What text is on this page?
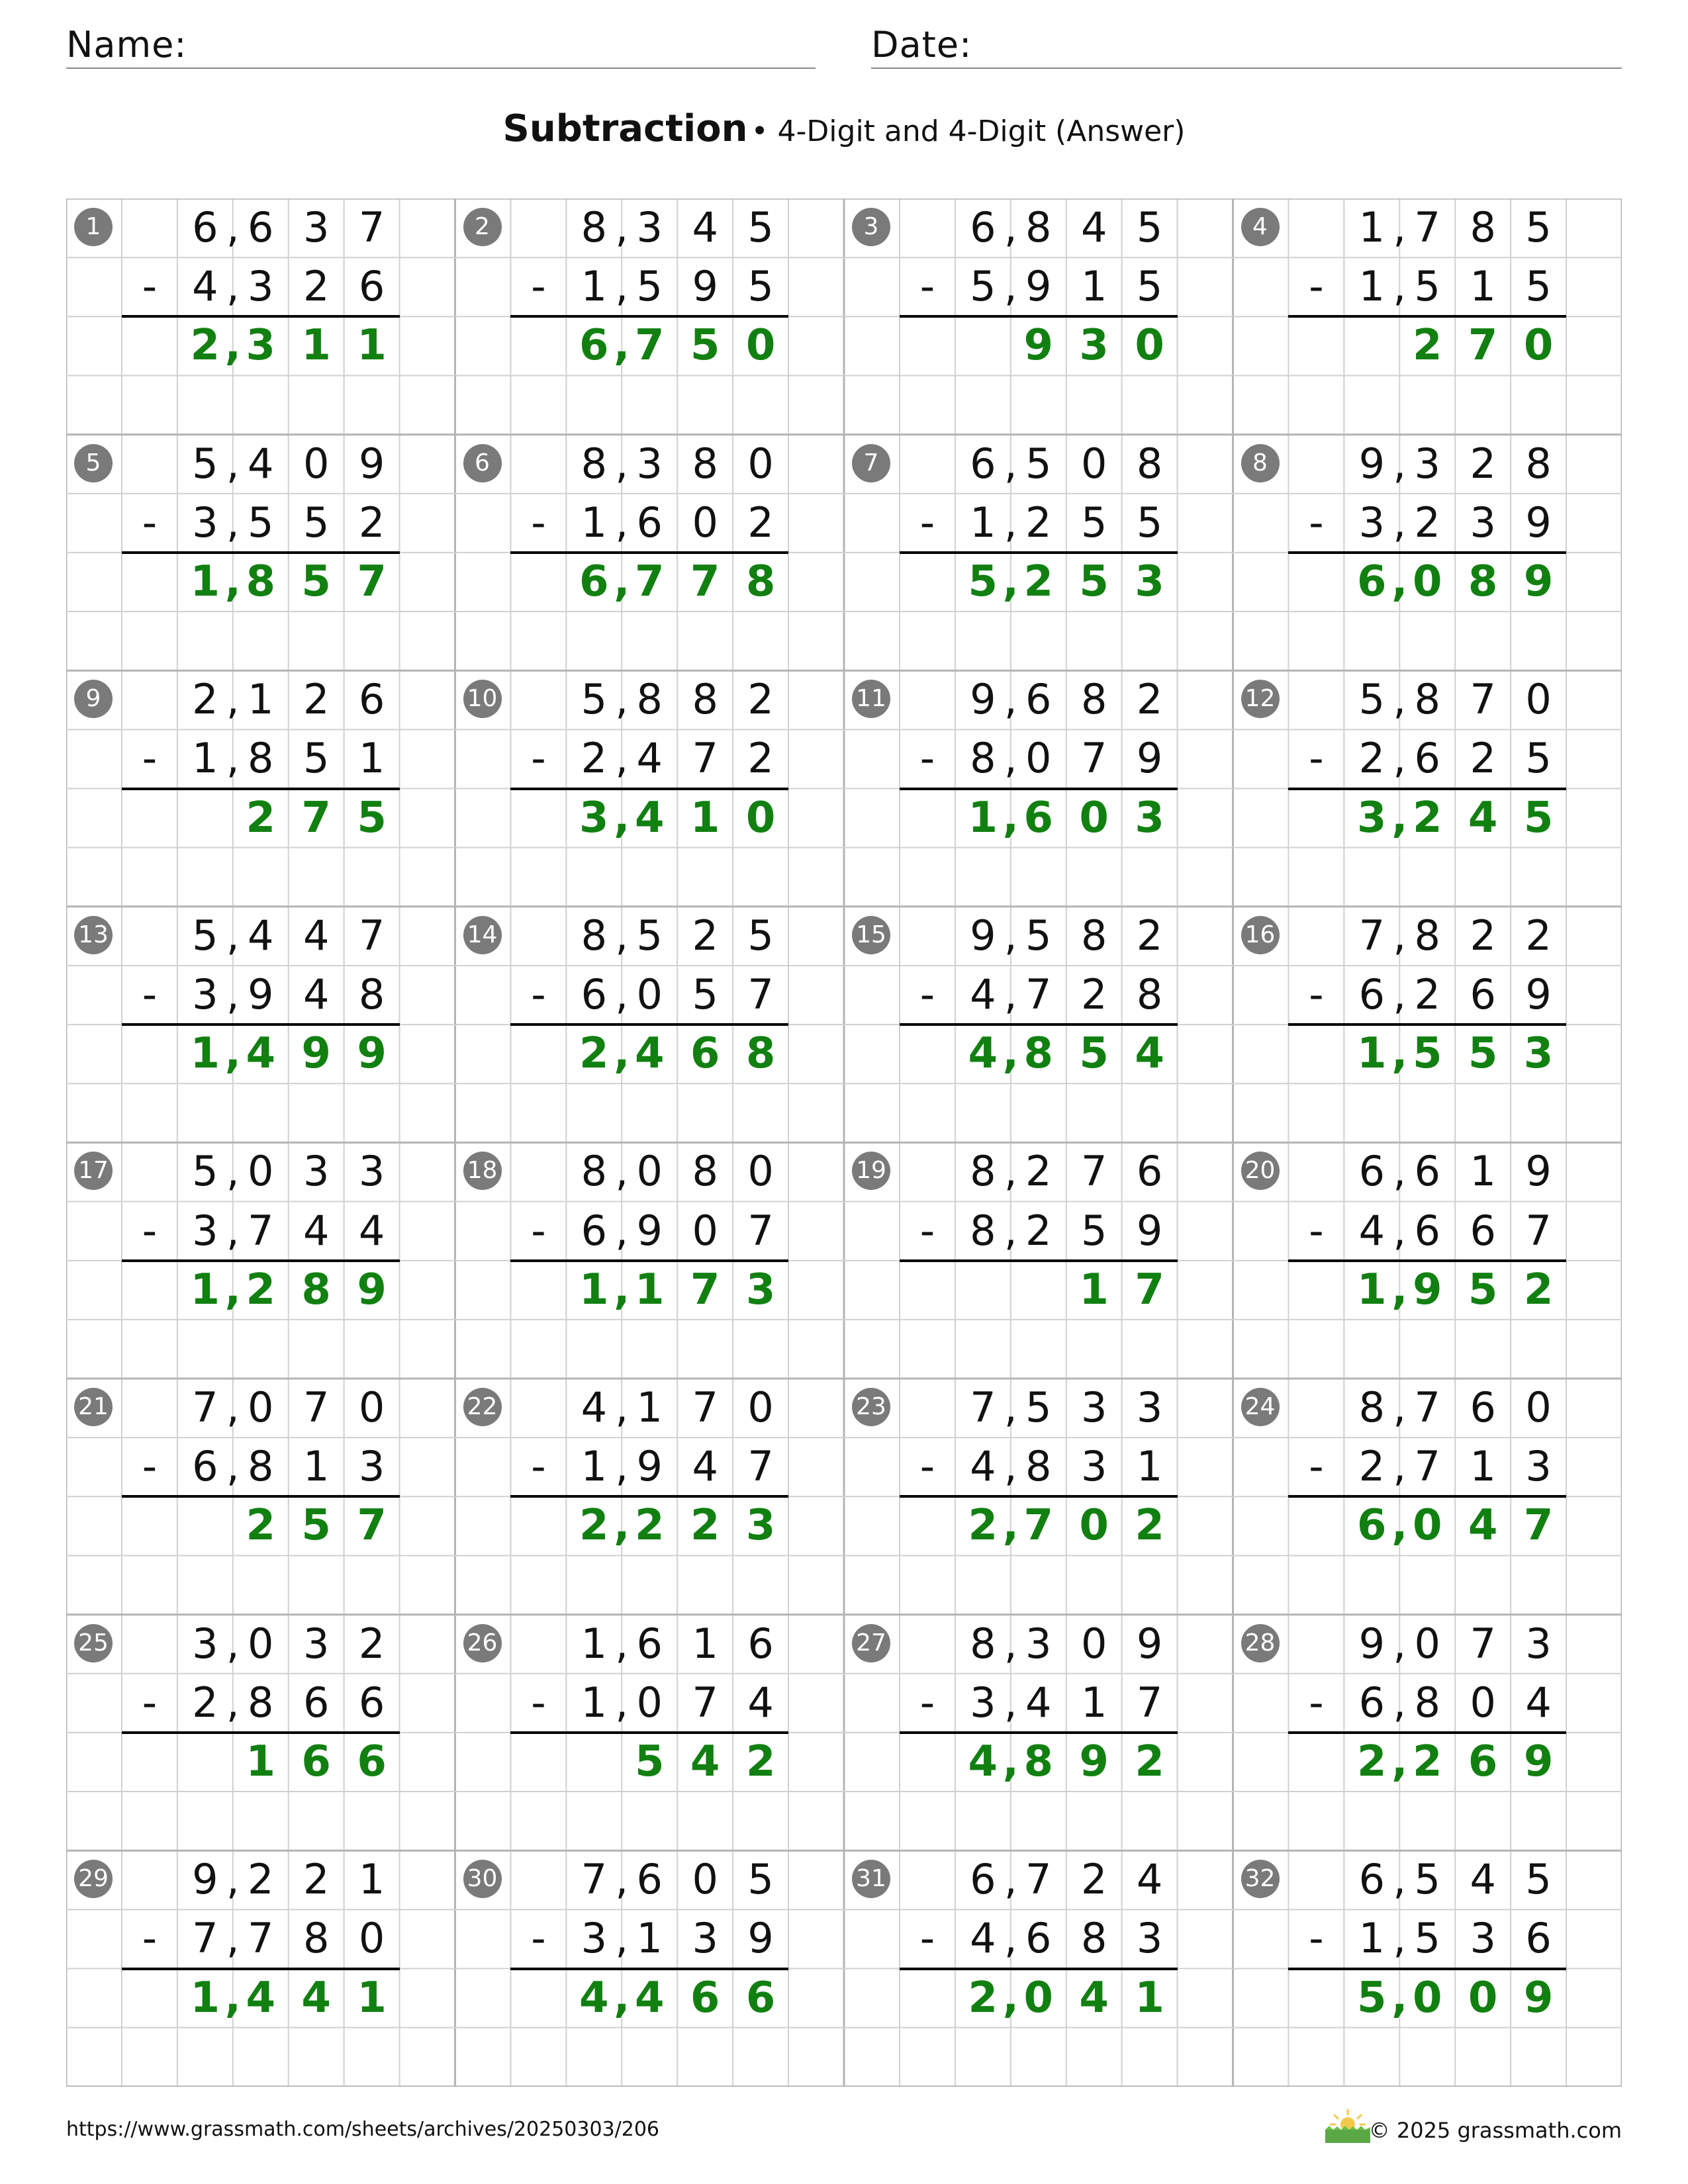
Name:	Date:
Subtraction • 4-Digit and 4-Digit (Answer)
1	6 , 6 3 7
- 4 , 3 2 6
2 , 3 1 1
2	8 , 3 4 5
- 1 , 5 9 5
6 , 7 5 0
3	6 , 8 4 5
- 5 , 9 1 5
9 3 0
4	1 , 7 8 5
- 1 , 5 1 5
2 7 0
5	5 , 4 0 9
- 3 , 5 5 2
1 , 8 5 7
6	8 , 3 8 0
- 1 , 6 0 2
6 , 7 7 8
7	6 , 5 0 8
- 1 , 2 5 5
5 , 2 5 3
8	9 , 3 2 8
- 3 , 2 3 9
6 , 0 8 9
9	2 , 1 2 6
- 1 , 8 5 1
2 7 5
10	5 , 8 8 2
- 2 , 4 7 2
3 , 4 1 0
11	9 , 6 8 2
- 8 , 0 7 9
1 , 6 0 3
12	5 , 8 7 0
- 2 , 6 2 5
3 , 2 4 5
13	5 , 4 4 7
- 3 , 9 4 8
1 , 4 9 9
14	8 , 5 2 5
- 6 , 0 5 7
2 , 4 6 8
15	9 , 5 8 2
- 4 , 7 2 8
4 , 8 5 4
16	7 , 8 2 2
- 6 , 2 6 9
1 , 5 5 3
17	5 , 0 3 3
- 3 , 7 4 4
1 , 2 8 9
18	8 , 0 8 0
- 6 , 9 0 7
1 , 1 7 3
19	8 , 2 7 6
- 8 , 2 5 9
1 7
20	6 , 6 1 9
- 4 , 6 6 7
1 , 9 5 2
21	7 , 0 7 0
- 6 , 8 1 3
2 5 7
22	4 , 1 7 0
- 1 , 9 4 7
2 , 2 2 3
23	7 , 5 3 3
- 4 , 8 3 1
2 , 7 0 2
24	8 , 7 6 0
- 2 , 7 1 3
6 , 0 4 7
25	3 , 0 3 2
- 2 , 8 6 6
1 6 6
26	1 , 6 1 6
- 1 , 0 7 4
5 4 2
27	8 , 3 0 9
- 3 , 4 1 7
4 , 8 9 2
28	9 , 0 7 3
- 6 , 8 0 4
2 , 2 6 9
29	9 , 2 2 1
- 7 , 7 8 0
1 , 4 4 1
30	7 , 6 0 5
- 3 , 1 3 9
4 , 4 6 6
31	6 , 7 2 4
- 4 , 6 8 3
2 , 0 4 1
32	6 , 5 4 5
- 1 , 5 3 6
5 , 0 0 9
https://www.grassmath.com/sheets/archives/20250303/206	© 2025 grassmath.com
